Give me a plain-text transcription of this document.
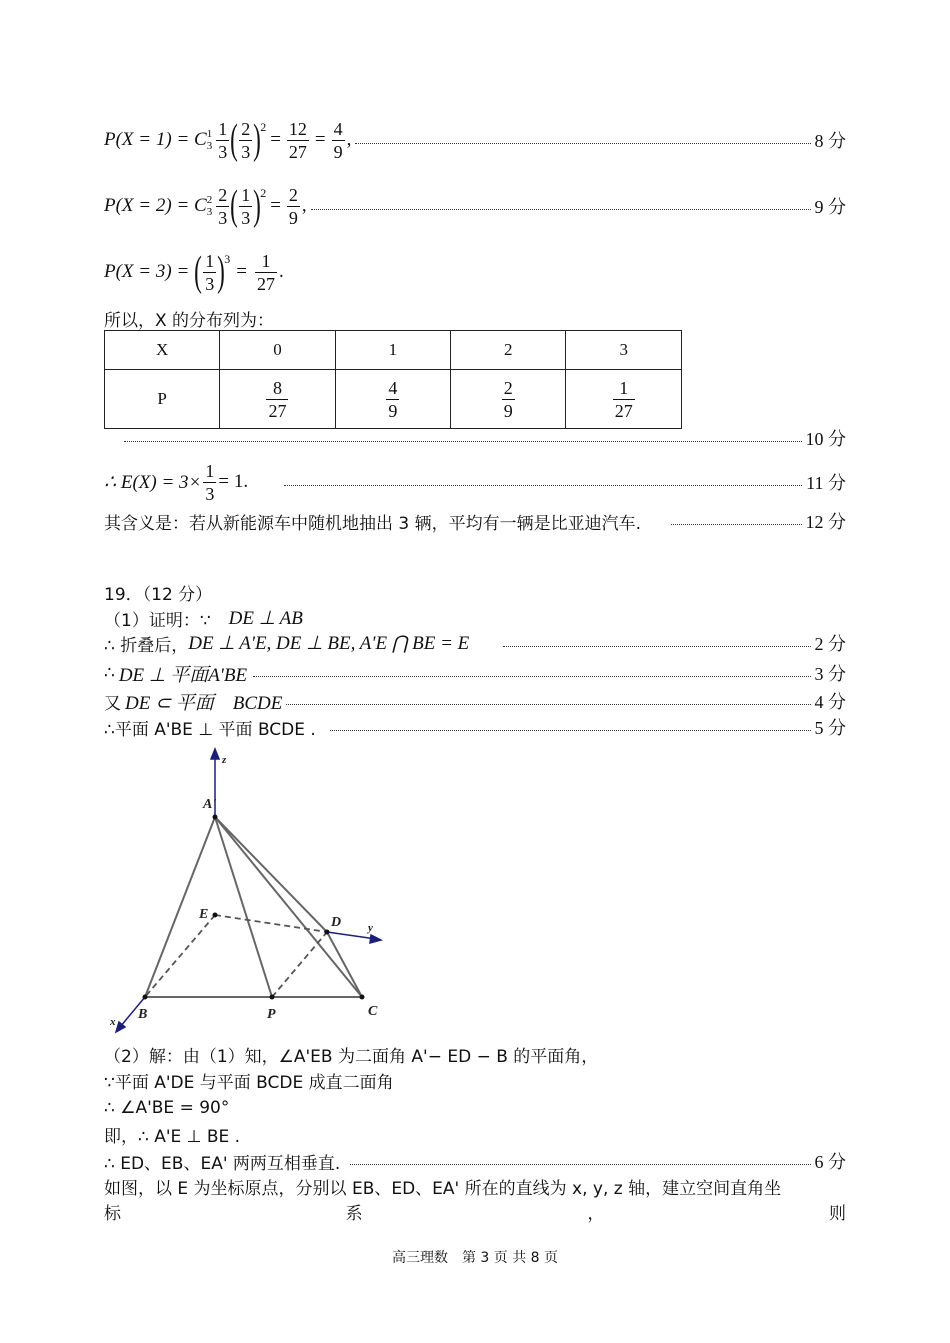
P(X = 1) = C 1
$3 \frac{1}{3}$ ( $\frac{2}{3}$ ) 2
= $\frac{12}{27} = \frac{4}{9}$ ,	8 分
P(X = 2) = C 2
$3 \frac{2}{3}$ ( $\frac{1}{3}$ ) 2
= $\frac{2}{9}$ ,	9 分
P(X = 3) = ( $\frac{1}{3}$ ) 3
= $\frac{1}{27}$ .
所以，X 的分布列为：
X	0	1	2	3
P	$\frac{8}{27}$	$\frac{4}{9}$	$\frac{2}{9}$	$\frac{1}{27}$
10 分
∴ $E(X) = 3\times \frac{1}{3} = 1$.	11 分
其含义是：若从新能源车中随机地抽出 3 辆，平均有一辆是比亚迪汽车.	12 分
19．（12 分）
（1）证明：∵ DE ⊥ AB
∴ 折叠后， DE ⊥ A'E, DE ⊥ BE, A'E ⋂ BE = E	2 分
∴ DE ⊥ 平面A'BE	3 分
又 DE ⊂ 平面　BCDE	4 分
∴平面 A'BE ⊥ 平面 BCDE .	5 分
z
A'
E
D y
x B	P	C
（2）解：由（1）知，∠A'EB 为二面角 A'− ED − B 的平面角，
∵平面 A'DE 与平面 BCDE 成直二面角
∴ ∠A'BE = 90°
即，∴ A'E ⊥ BE .
∴ ED、EB、EA' 两两互相垂直.	6 分
如图，以 E 为坐标原点，分别以 EB、ED、EA' 所在的直线为 x, y, z 轴，建立空间直角坐
标	系	，	则
高三理数　第 3 页 共 8 页
